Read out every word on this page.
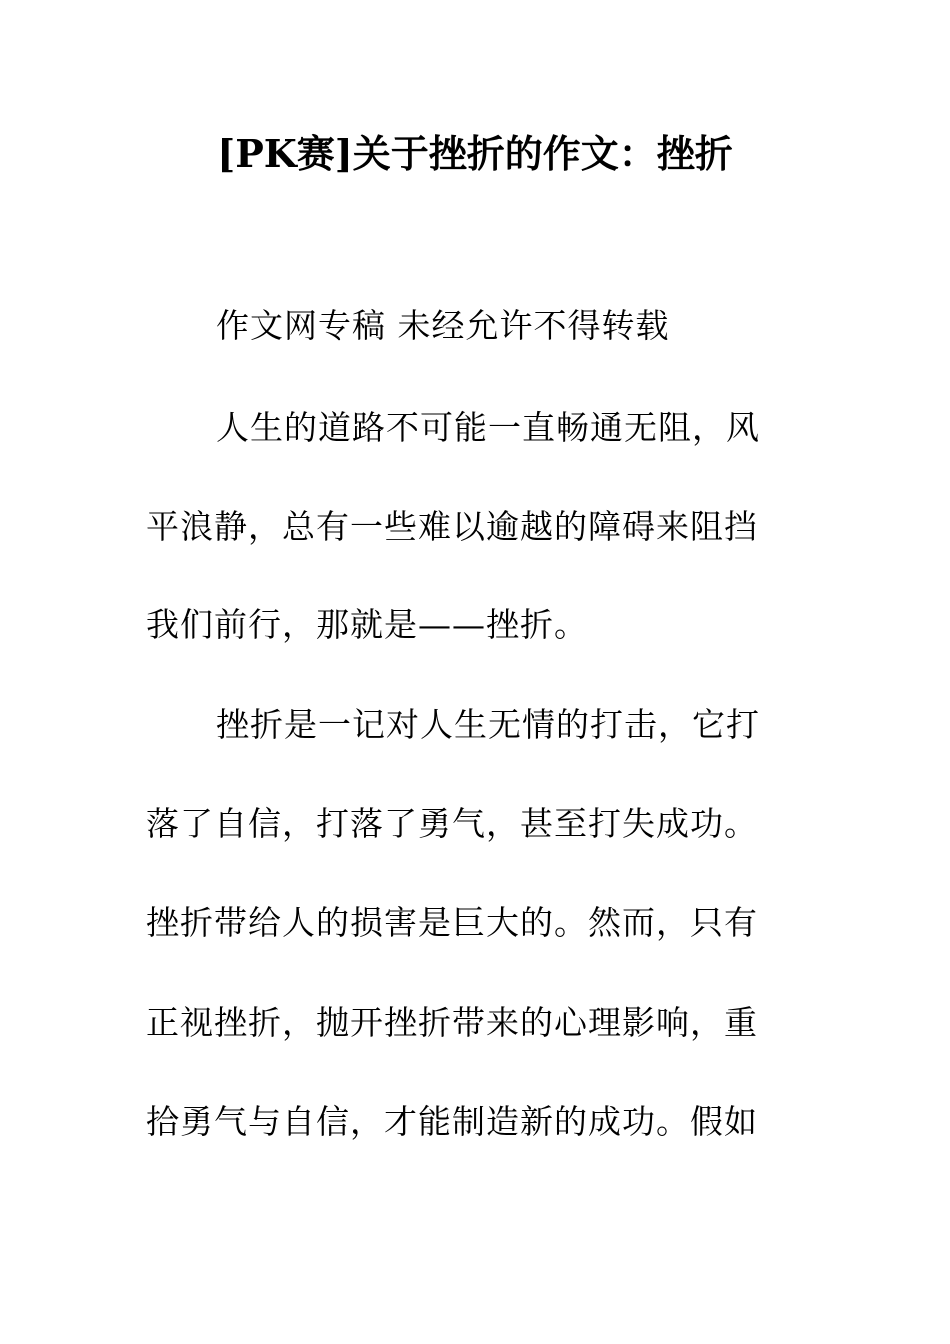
[PK赛]关于挫折的作文：挫折
作文网专稿 未经允许不得转载
人生的道路不可能一直畅通无阻，风
平浪静，总有一些难以逾越的障碍来阻挡
我们前行，那就是——挫折。
挫折是一记对人生无情的打击，它打
落了自信，打落了勇气，甚至打失成功。
挫折带给人的损害是巨大的。然而，只有
正视挫折，抛开挫折带来的心理影响，重
拾勇气与自信，才能制造新的成功。假如
